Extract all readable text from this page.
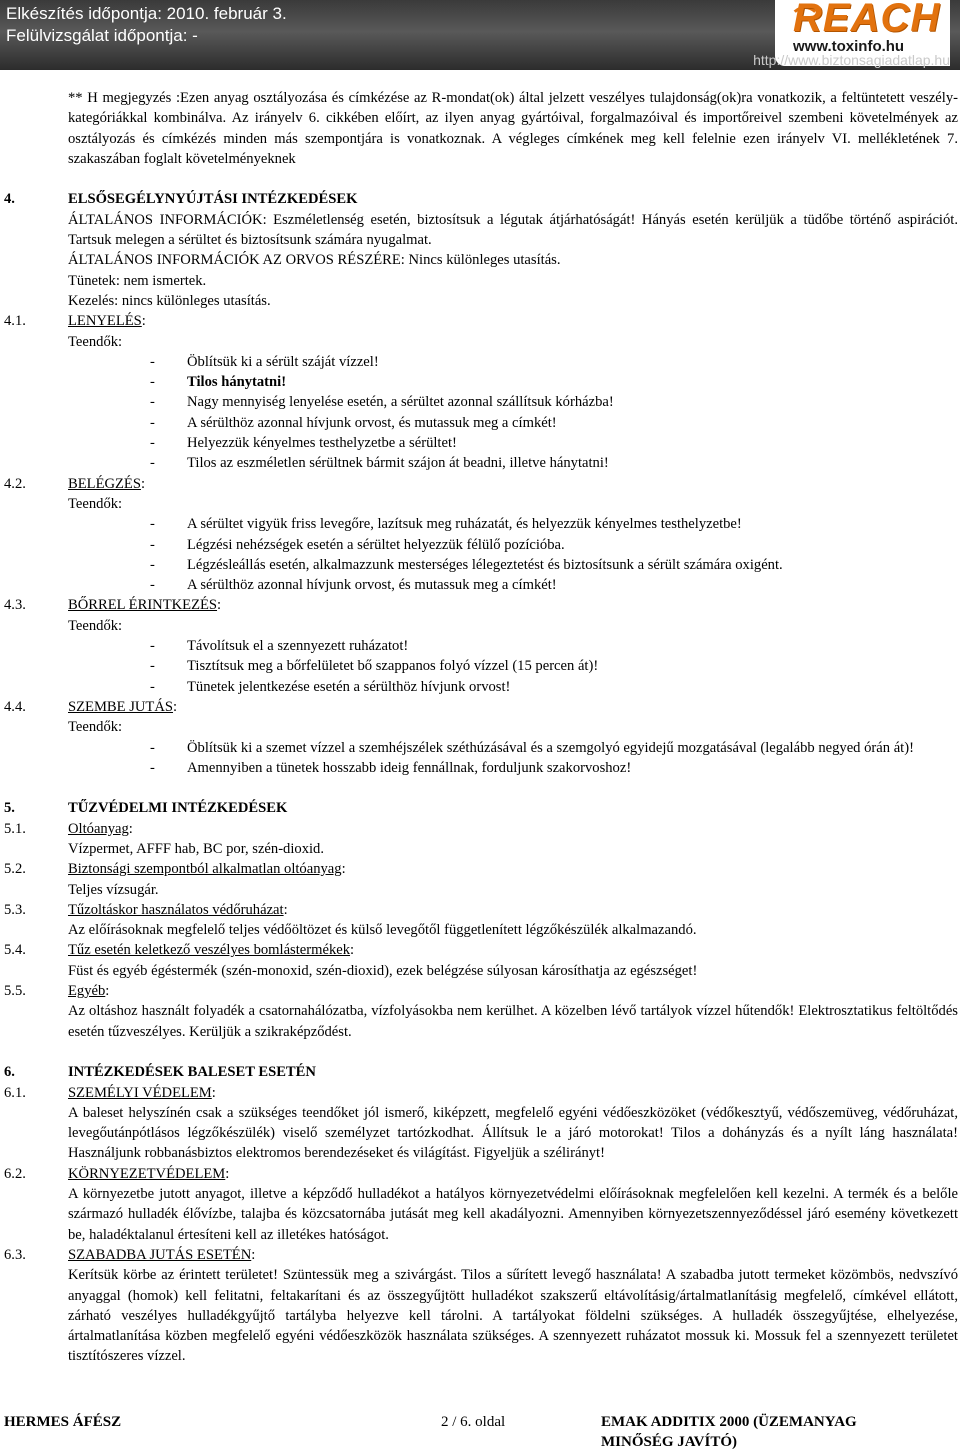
Elkészítés időpontja: 2010. február 3.
Felülvizsgálat időpontja: -	REACH
www.toxinfo.hu
http://www.biztonsagiadatlap.hu
** H megjegyzés :Ezen anyag osztályozása és címkézése az R-mondat(ok) által jelzett veszélyes tulajdonság(ok)ra vonatkozik, a feltüntetett veszély-kategóriákkal kombinálva. Az irányelv 6. cikkében előírt, az ilyen anyag gyártóival, forgalmazóival és importőreivel szembeni követelmények az osztályozás és címkézés minden más szempontjára is vonatkoznak. A végleges címkének meg kell felelnie ezen irányelv VI. mellékletének 7. szakaszában foglalt követelményeknek
4.	ELSŐSEGÉLYNYÚJTÁSI INTÉZKEDÉSEK
ÁLTALÁNOS INFORMÁCIÓK: Eszméletlenség esetén, biztosítsuk a légutak átjárhatóságát! Hányás esetén kerüljük a tüdőbe történő aspirációt. Tartsuk melegen a sérültet és biztosítsunk számára nyugalmat.
ÁLTALÁNOS INFORMÁCIÓK AZ ORVOS RÉSZÉRE: Nincs különleges utasítás.
Tünetek: nem ismertek.
Kezelés: nincs különleges utasítás.
4.1.	LENYELÉS:
Teendők:
- Öblítsük ki a sérült száját vízzel!
- Tilos hánytatni!
- Nagy mennyiség lenyelése esetén, a sérültet azonnal szállítsuk kórházba!
- A sérülthöz azonnal hívjunk orvost, és mutassuk meg a címkét!
- Helyezzük kényelmes testhelyzetbe a sérültet!
- Tilos az eszméletlen sérültnek bármit szájon át beadni, illetve hánytatni!
4.2.	BELÉGZÉS:
Teendők:
- A sérültet vigyük friss levegőre, lazítsuk meg ruházatát, és helyezzük kényelmes testhelyzetbe!
- Légzési nehézségek esetén a sérültet helyezzük félülő pozícióba.
- Légzésleállás esetén, alkalmazzunk mesterséges lélegeztetést és biztosítsunk a sérült számára oxigént.
- A sérülthöz azonnal hívjunk orvost, és mutassuk meg a címkét!
4.3.	BŐRREL ÉRINTKEZÉS:
Teendők:
- Távolítsuk el a szennyezett ruházatot!
- Tisztítsuk meg a bőrfelületet bő szappanos folyó vízzel (15 percen át)!
- Tünetek jelentkezése esetén a sérülthöz hívjunk orvost!
4.4.	SZEMBE JUTÁS:
Teendők:
- Öblítsük ki a szemet vízzel a szemhéjszélek széthúzásával és a szemgolyó egyidejű mozgatásával (legalább negyed órán át)!
- Amennyiben a tünetek hosszabb ideig fennállnak, forduljunk szakorvoshoz!
5.	TŰZVÉDELMI INTÉZKEDÉSEK
5.1.	Oltóanyag:
Vízpermet, AFFF hab, BC por, szén-dioxid.
5.2.	Biztonsági szempontból alkalmatlan oltóanyag:
Teljes vízsugár.
5.3.	Tűzoltáskor használatos védőruházat:
Az előírásoknak megfelelő teljes védőöltözet és külső levegőtől függetlenített légzőkészülék alkalmazandó.
5.4.	Tűz esetén keletkező veszélyes bomlástermékek:
Füst és egyéb égéstermék (szén-monoxid, szén-dioxid), ezek belégzése súlyosan károsíthatja az egészséget!
5.5.	Egyéb:
Az oltáshoz használt folyadék a csatornahálózatba, vízfolyásokba nem kerülhet. A közelben lévő tartályok vízzel hűtendők! Elektrosztatikus feltöltődés esetén tűzveszélyes. Kerüljük a szikraképződést.
6.	INTÉZKEDÉSEK BALESET ESETÉN
6.1.	SZEMÉLYI VÉDELEM:
A baleset helyszínén csak a szükséges teendőket jól ismerő, kiképzett, megfelelő egyéni védőeszközöket (védőkesztyű, védőszemüveg, védőruházat, levegőutánpótlásos légzőkészülék) viselő személyzet tartózkodhat. Állítsuk le a járó motorokat! Tilos a dohányzás és a nyílt láng használata! Használjunk robbanásbiztos elektromos berendezéseket és világítást. Figyeljük a szélirányt!
6.2.	KÖRNYEZETVÉDELEM:
A környezetbe jutott anyagot, illetve a képződő hulladékot a hatályos környezetvédelmi előírásoknak megfelelően kell kezelni. A termék és a belőle származó hulladék élővízbe, talajba és közcsatornába jutását meg kell akadályozni. Amennyiben környezetszennyeződéssel járó esemény következett be, haladéktalanul értesíteni kell az illetékes hatóságot.
6.3.	SZABADBA JUTÁS ESETÉN:
Kerítsük körbe az érintett területet! Szüntessük meg a szivárgást. Tilos a sűrített levegő használata! A szabadba jutott termeket közömbös, nedvszívó anyaggal (homok) kell felitatni, feltakarítani és az összegyűjtött hulladékot szakszerű eltávolításig/ártalmatlanításig megfelelő, címkével ellátott, zárható veszélyes hulladékgyűjtő tartályba helyezve kell tárolni. A tartályokat földelni szükséges. A hulladék összegyűjtése, elhelyezése, ártalmatlanítása közben megfelelő egyéni védőeszközök használata szükséges. A szennyezett ruházatot mossuk ki. Mossuk fel a szennyezett területet tisztítószeres vízzel.
HERMES ÁFÉSZ	2 / 6. oldal	EMAK ADDITIX 2000 (ÜZEMANYAG MINŐSÉG JAVÍTÓ)
